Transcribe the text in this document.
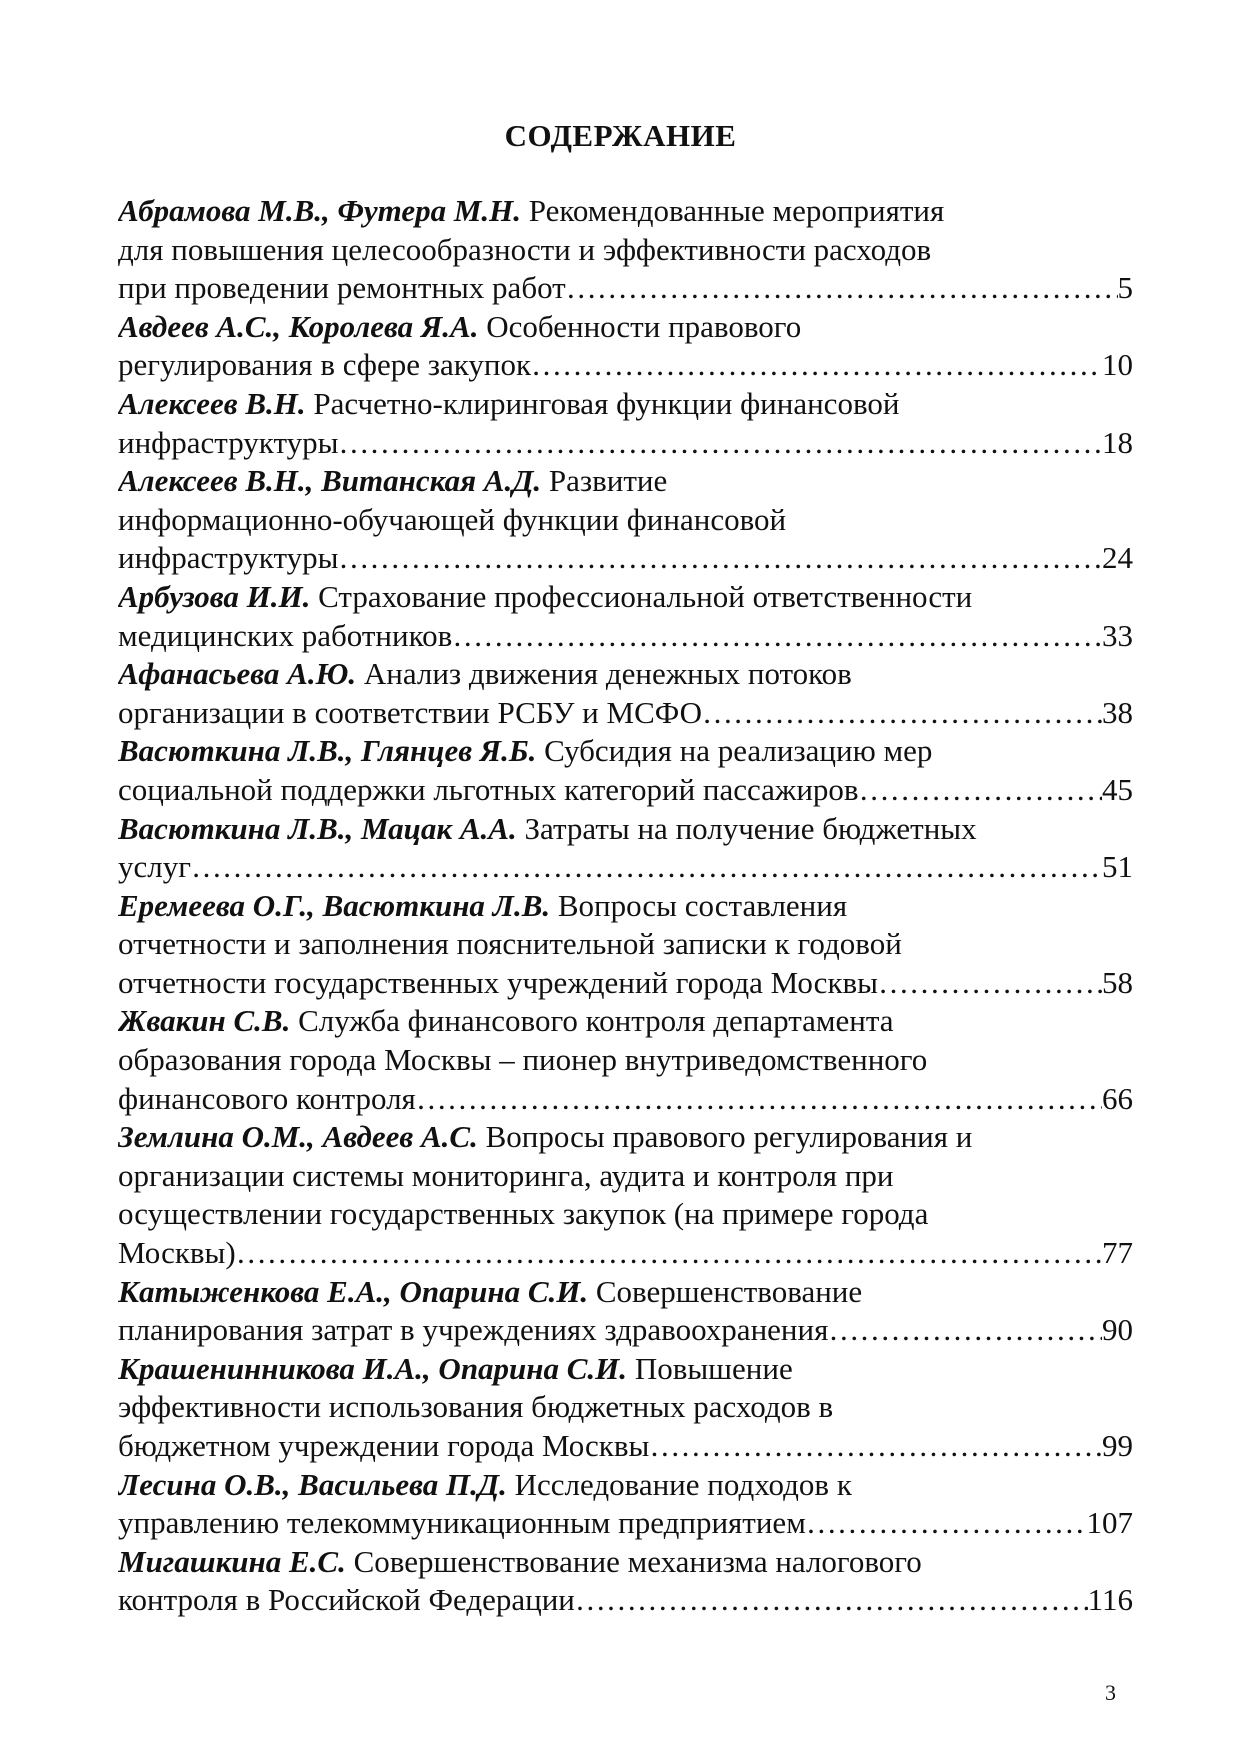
СОДЕРЖАНИЕ
Абрамова М.В., Футера М.Н. Рекомендованные мероприятия
для повышения целесообразности и эффективности расходов
при проведении ремонтных работ ………………………………………………………………………………………………………………………………………	5
Авдеев А.С., Королева Я.А. Особенности правового
регулирования в сфере закупок ………………………………………………………………………………………………………………………………………	10
Алексеев В.Н. Расчетно-клиринговая функции финансовой
инфраструктуры ………………………………………………………………………………………………………………………………………	18
Алексеев В.Н., Витанская А.Д. Развитие
информационно-обучающей функции финансовой
инфраструктуры ………………………………………………………………………………………………………………………………………	24
Арбузова И.И. Страхование профессиональной ответственности
медицинских работников ………………………………………………………………………………………………………………………………………	33
Афанасьева А.Ю. Анализ движения денежных потоков
организации в соответствии РСБУ и МСФО ………………………………………………………………………………………………………………………………………	38
Васюткина Л.В., Глянцев Я.Б. Субсидия на реализацию мер
социальной поддержки льготных категорий пассажиров ………………………………………………………………………………………………………………………………………	45
Васюткина Л.В., Мацак А.А. Затраты на получение бюджетных
услуг ………………………………………………………………………………………………………………………………………	51
Еремеева О.Г., Васюткина Л.В. Вопросы составления
отчетности и заполнения пояснительной записки к годовой
отчетности государственных учреждений города Москвы ………………………………………………………………………………………………………………………………………	58
Жвакин С.В. Служба финансового контроля департамента
образования города Москвы – пионер внутриведомственного
финансового контроля ………………………………………………………………………………………………………………………………………	66
Землина О.М., Авдеев А.С. Вопросы правового регулирования и
организации системы мониторинга, аудита и контроля при
осуществлении государственных закупок (на примере города
Москвы) ………………………………………………………………………………………………………………………………………	77
Катыженкова Е.А., Опарина С.И. Совершенствование
планирования затрат в учреждениях здравоохранения ………………………………………………………………………………………………………………………………………	90
Крашенинникова И.А., Опарина С.И. Повышение
эффективности использования бюджетных расходов в
бюджетном учреждении города Москвы ………………………………………………………………………………………………………………………………………	99
Лесина О.В., Васильева П.Д. Исследование подходов к
управлению телекоммуникационным предприятием ………………………………………………………………………………………………………………………………………	107
Мигашкина Е.С. Совершенствование механизма налогового
контроля в Российской Федерации ………………………………………………………………………………………………………………………………………	116
3
